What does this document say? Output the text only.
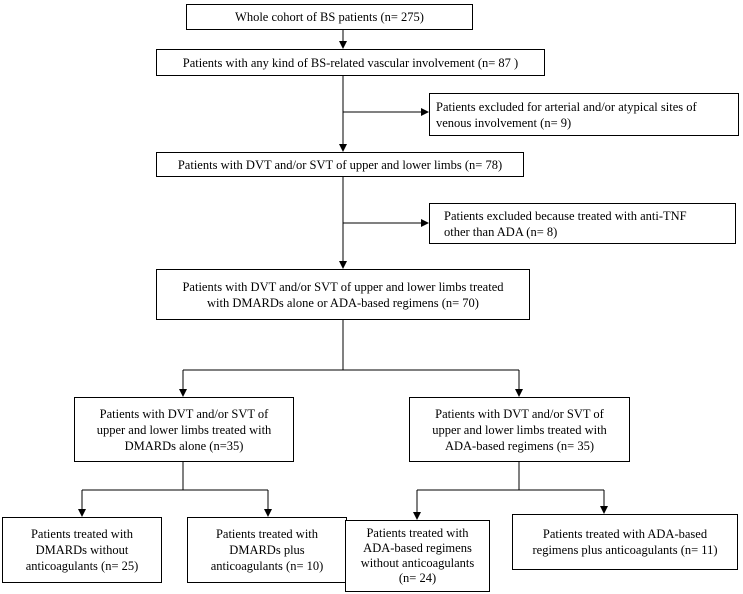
Whole cohort of BS patients (n= 275)
Patients with any kind of BS-related vascular involvement (n= 87 )
Patients excluded for arterial and/or atypical sites of
venous involvement (n= 9)
Patients with DVT and/or SVT of upper and lower limbs (n= 78)
Patients excluded because treated with anti-TNF
other than ADA (n= 8)
Patients with DVT and/or SVT of upper and lower limbs treated
with DMARDs alone or ADA-based regimens (n= 70)
Patients with DVT and/or SVT of
upper and lower limbs treated with
DMARDs alone (n=35)
Patients with DVT and/or SVT of
upper and lower limbs treated with
ADA-based regimens (n= 35)
Patients treated with
DMARDs without
anticoagulants (n= 25)
Patients treated with
DMARDs plus
anticoagulants (n= 10)
Patients treated with
ADA-based regimens
without anticoagulants
(n= 24)
Patients treated with ADA-based
regimens plus anticoagulants (n= 11)
